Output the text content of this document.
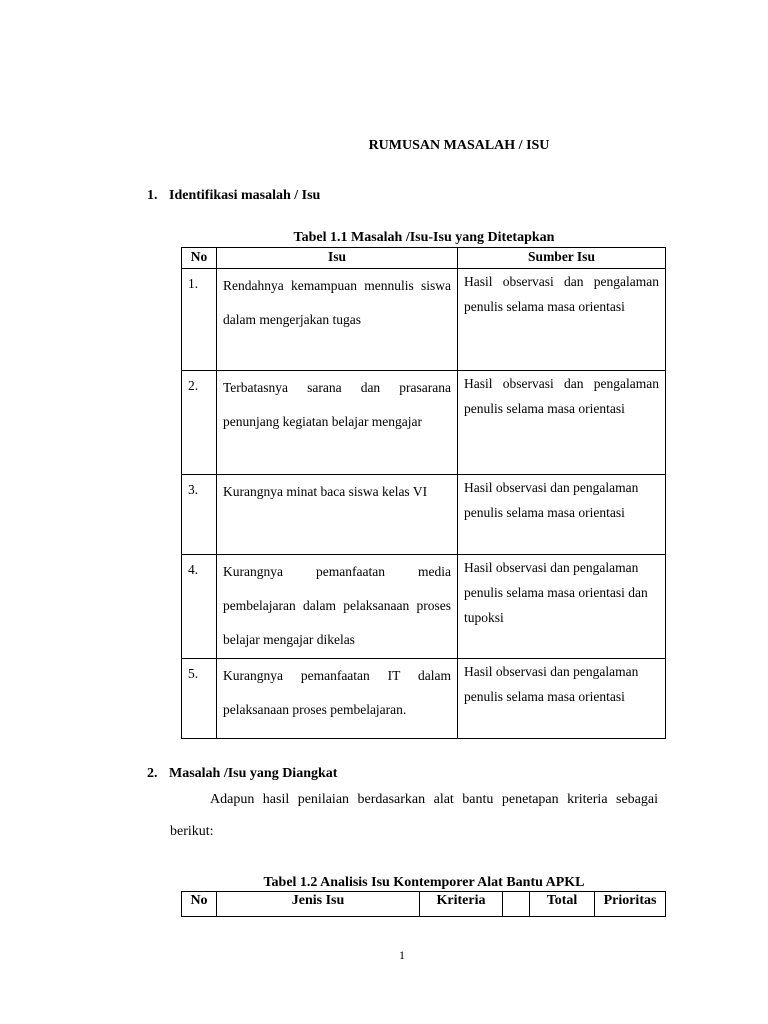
RUMUSAN MASALAH / ISU
1. Identifikasi masalah / Isu
Tabel 1.1 Masalah /Isu-Isu yang Ditetapkan
No	Isu	Sumber Isu
1.	Rendahnya kemampuan mennulis siswa dalam mengerjakan tugas	Hasil observasi dan pengalaman penulis selama masa orientasi
2.	Terbatasnya sarana dan prasarana penunjang kegiatan belajar mengajar	Hasil observasi dan pengalaman penulis selama masa orientasi
3.	Kurangnya minat baca siswa kelas VI	Hasil observasi dan pengalaman penulis selama masa orientasi
4.	Kurangnya pemanfaatan media pembelajaran dalam pelaksanaan proses belajar mengajar dikelas	Hasil observasi dan pengalaman penulis selama masa orientasi dan tupoksi
5.	Kurangnya pemanfaatan IT dalam pelaksanaan proses pembelajaran.	Hasil observasi dan pengalaman penulis selama masa orientasi
2. Masalah /Isu yang Diangkat
Adapun hasil penilaian berdasarkan alat bantu penetapan kriteria sebagai berikut:
Tabel 1.2 Analisis Isu Kontemporer Alat Bantu APKL
No	Jenis Isu	Kriteria		Total	Prioritas
1
